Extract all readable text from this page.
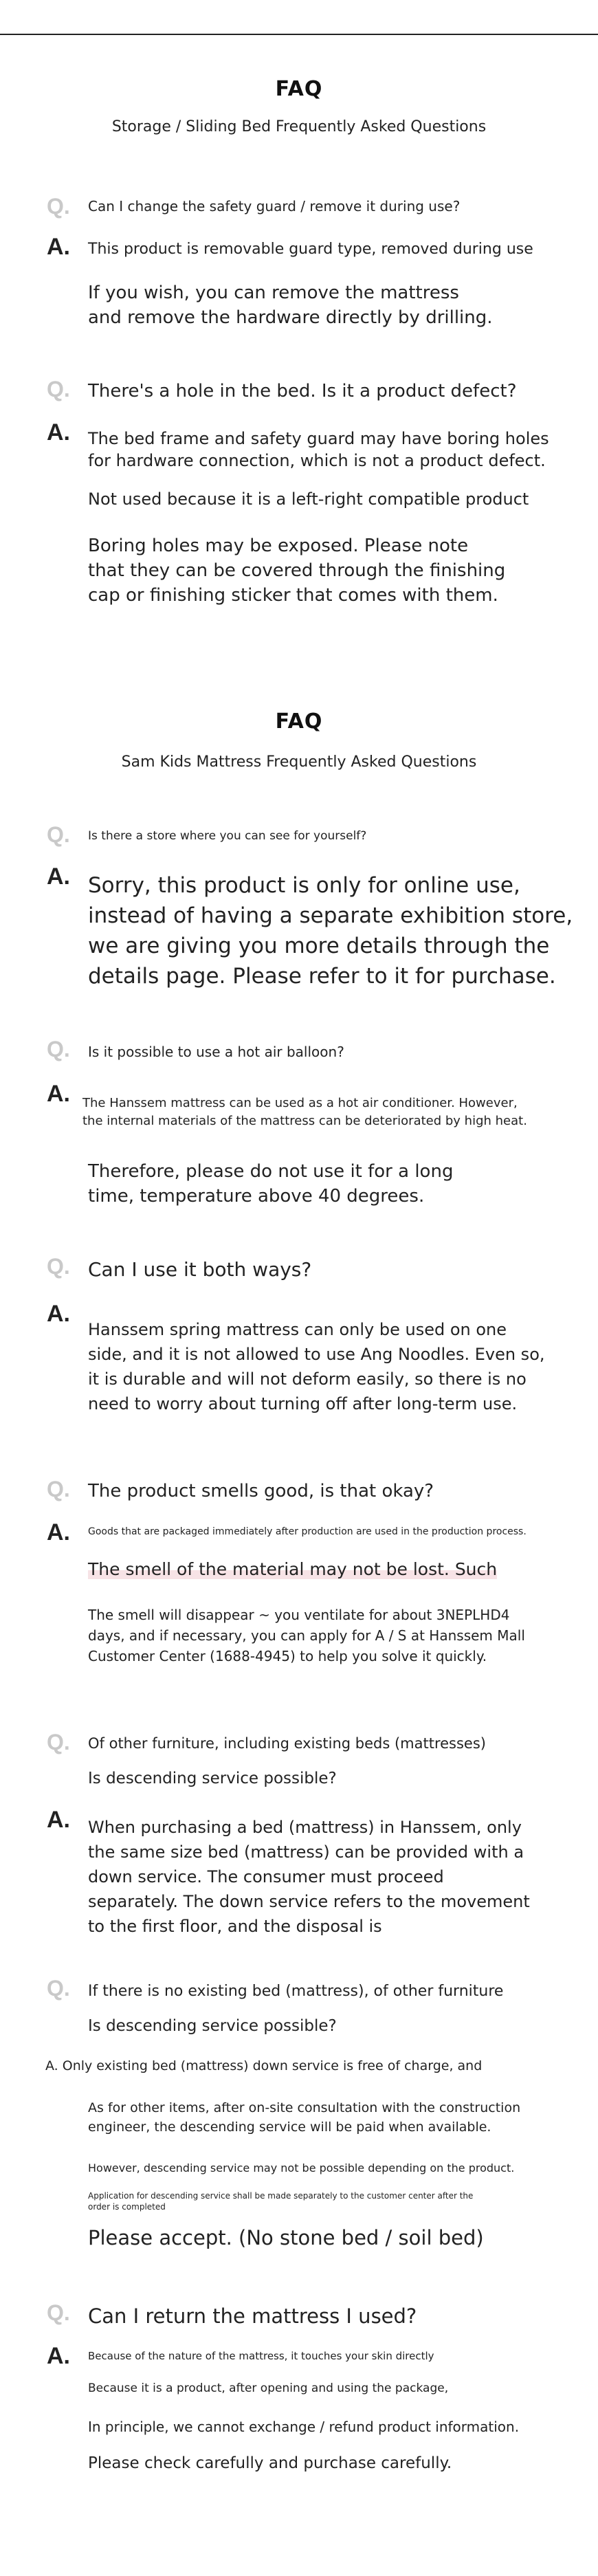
FAQ
Storage / Sliding Bed Frequently Asked Questions
Q. Can I change the safety guard / remove it during use?
A. This product is removable guard type, removed during use
If you wish, you can remove the mattress
and remove the hardware directly by drilling.
Q. There's a hole in the bed. Is it a product defect?
A. The bed frame and safety guard may have boring holes
for hardware connection, which is not a product defect.
Not used because it is a left-right compatible product
Boring holes may be exposed. Please note
that they can be covered through the finishing
cap or finishing sticker that comes with them.
FAQ
Sam Kids Mattress Frequently Asked Questions
Q. Is there a store where you can see for yourself?
A. Sorry, this product is only for online use,
instead of having a separate exhibition store,
we are giving you more details through the
details page. Please refer to it for purchase.
Q. Is it possible to use a hot air balloon?
A. The Hanssem mattress can be used as a hot air conditioner. However,
the internal materials of the mattress can be deteriorated by high heat.
Therefore, please do not use it for a long
time, temperature above 40 degrees.
Q. Can I use it both ways?
A.
Hanssem spring mattress can only be used on one
side, and it is not allowed to use Ang Noodles. Even so,
it is durable and will not deform easily, so there is no
need to worry about turning off after long-term use.
Q. The product smells good, is that okay?
A. Goods that are packaged immediately after production are used in the production process.
The smell of the material may not be lost. Such
The smell will disappear ~ you ventilate for about 3NEPLHD4
days, and if necessary, you can apply for A / S at Hanssem Mall
Customer Center (1688-4945) to help you solve it quickly.
Q. Of other furniture, including existing beds (mattresses)
Is descending service possible?
A. When purchasing a bed (mattress) in Hanssem, only
the same size bed (mattress) can be provided with a
down service. The consumer must proceed
separately. The down service refers to the movement
to the first floor, and the disposal is
Q. If there is no existing bed (mattress), of other furniture
Is descending service possible?
A. Only existing bed (mattress) down service is free of charge, and
As for other items, after on-site consultation with the construction
engineer, the descending service will be paid when available.
However, descending service may not be possible depending on the product.
Application for descending service shall be made separately to the customer center after the
order is completed
Please accept. (No stone bed / soil bed)
Q. Can I return the mattress I used?
A. Because of the nature of the mattress, it touches your skin directly
Because it is a product, after opening and using the package,
In principle, we cannot exchange / refund product information.
Please check carefully and purchase carefully.
